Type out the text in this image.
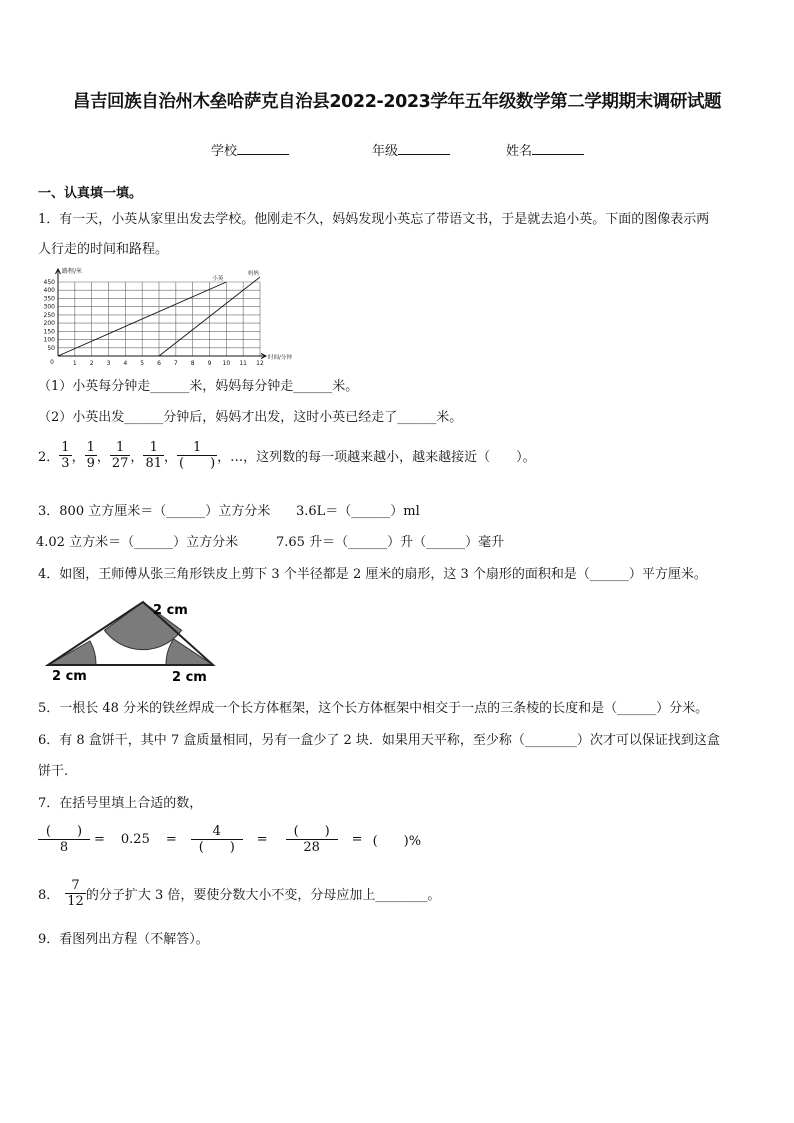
昌吉回族自治州木垒哈萨克自治县2022-2023学年五年级数学第二学期期末调研试题
学校	年级	姓名
一、认真填一填。
1．有一天，小英从家里出发去学校。他刚走不久，妈妈发现小英忘了带语文书，于是就去追小英。下面的图像表示两
人行走的时间和路程。
小英
妈妈
1 2 3 4 5 6 7 8 9 10 11 12
50
100
150
200
250
300
350
400
450
0
路程/米
时间/分钟
（1）小英每分钟走______米，妈妈每分钟走______米。
（2）小英出发______分钟后，妈妈才出发，这时小英已经走了______米。
2． $\frac{1}{3}$ ， $\frac{1}{9}$ ， $\frac{1}{27}$ ， $\frac{1}{81}$ ， $\frac{1}{( )}$ ，…，这列数的每一项越来越小，越来越接近（　　）。
3．800 立方厘米＝（______）立方分米 3.6L＝（______）ml
4.02 立方米＝（______）立方分米	7.65 升＝（______）升（______）毫升
4．如图，王师傅从张三角形铁皮上剪下 3 个半径都是 2 厘米的扇形，这 3 个扇形的面积和是（______）平方厘米。
2 cm
2 cm	2 cm
5．一根长 48 分米的铁丝焊成一个长方体框架，这个长方体框架中相交于一点的三条棱的长度和是（______）分米。
6．有 8 盒饼干，其中 7 盒质量相同，另有一盒少了 2 块．如果用天平称，至少称（________）次才可以保证找到这盒
饼干.
7．在括号里填上合适的数，
$\frac{( )}{8} = 0.25 = \frac{4}{( )} = \frac{( )}{28}$ = (　　)%
8． $\frac{7}{12}$ 的分子扩大 3 倍，要使分数大小不变，分母应加上________。
9．看图列出方程（不解答）。
